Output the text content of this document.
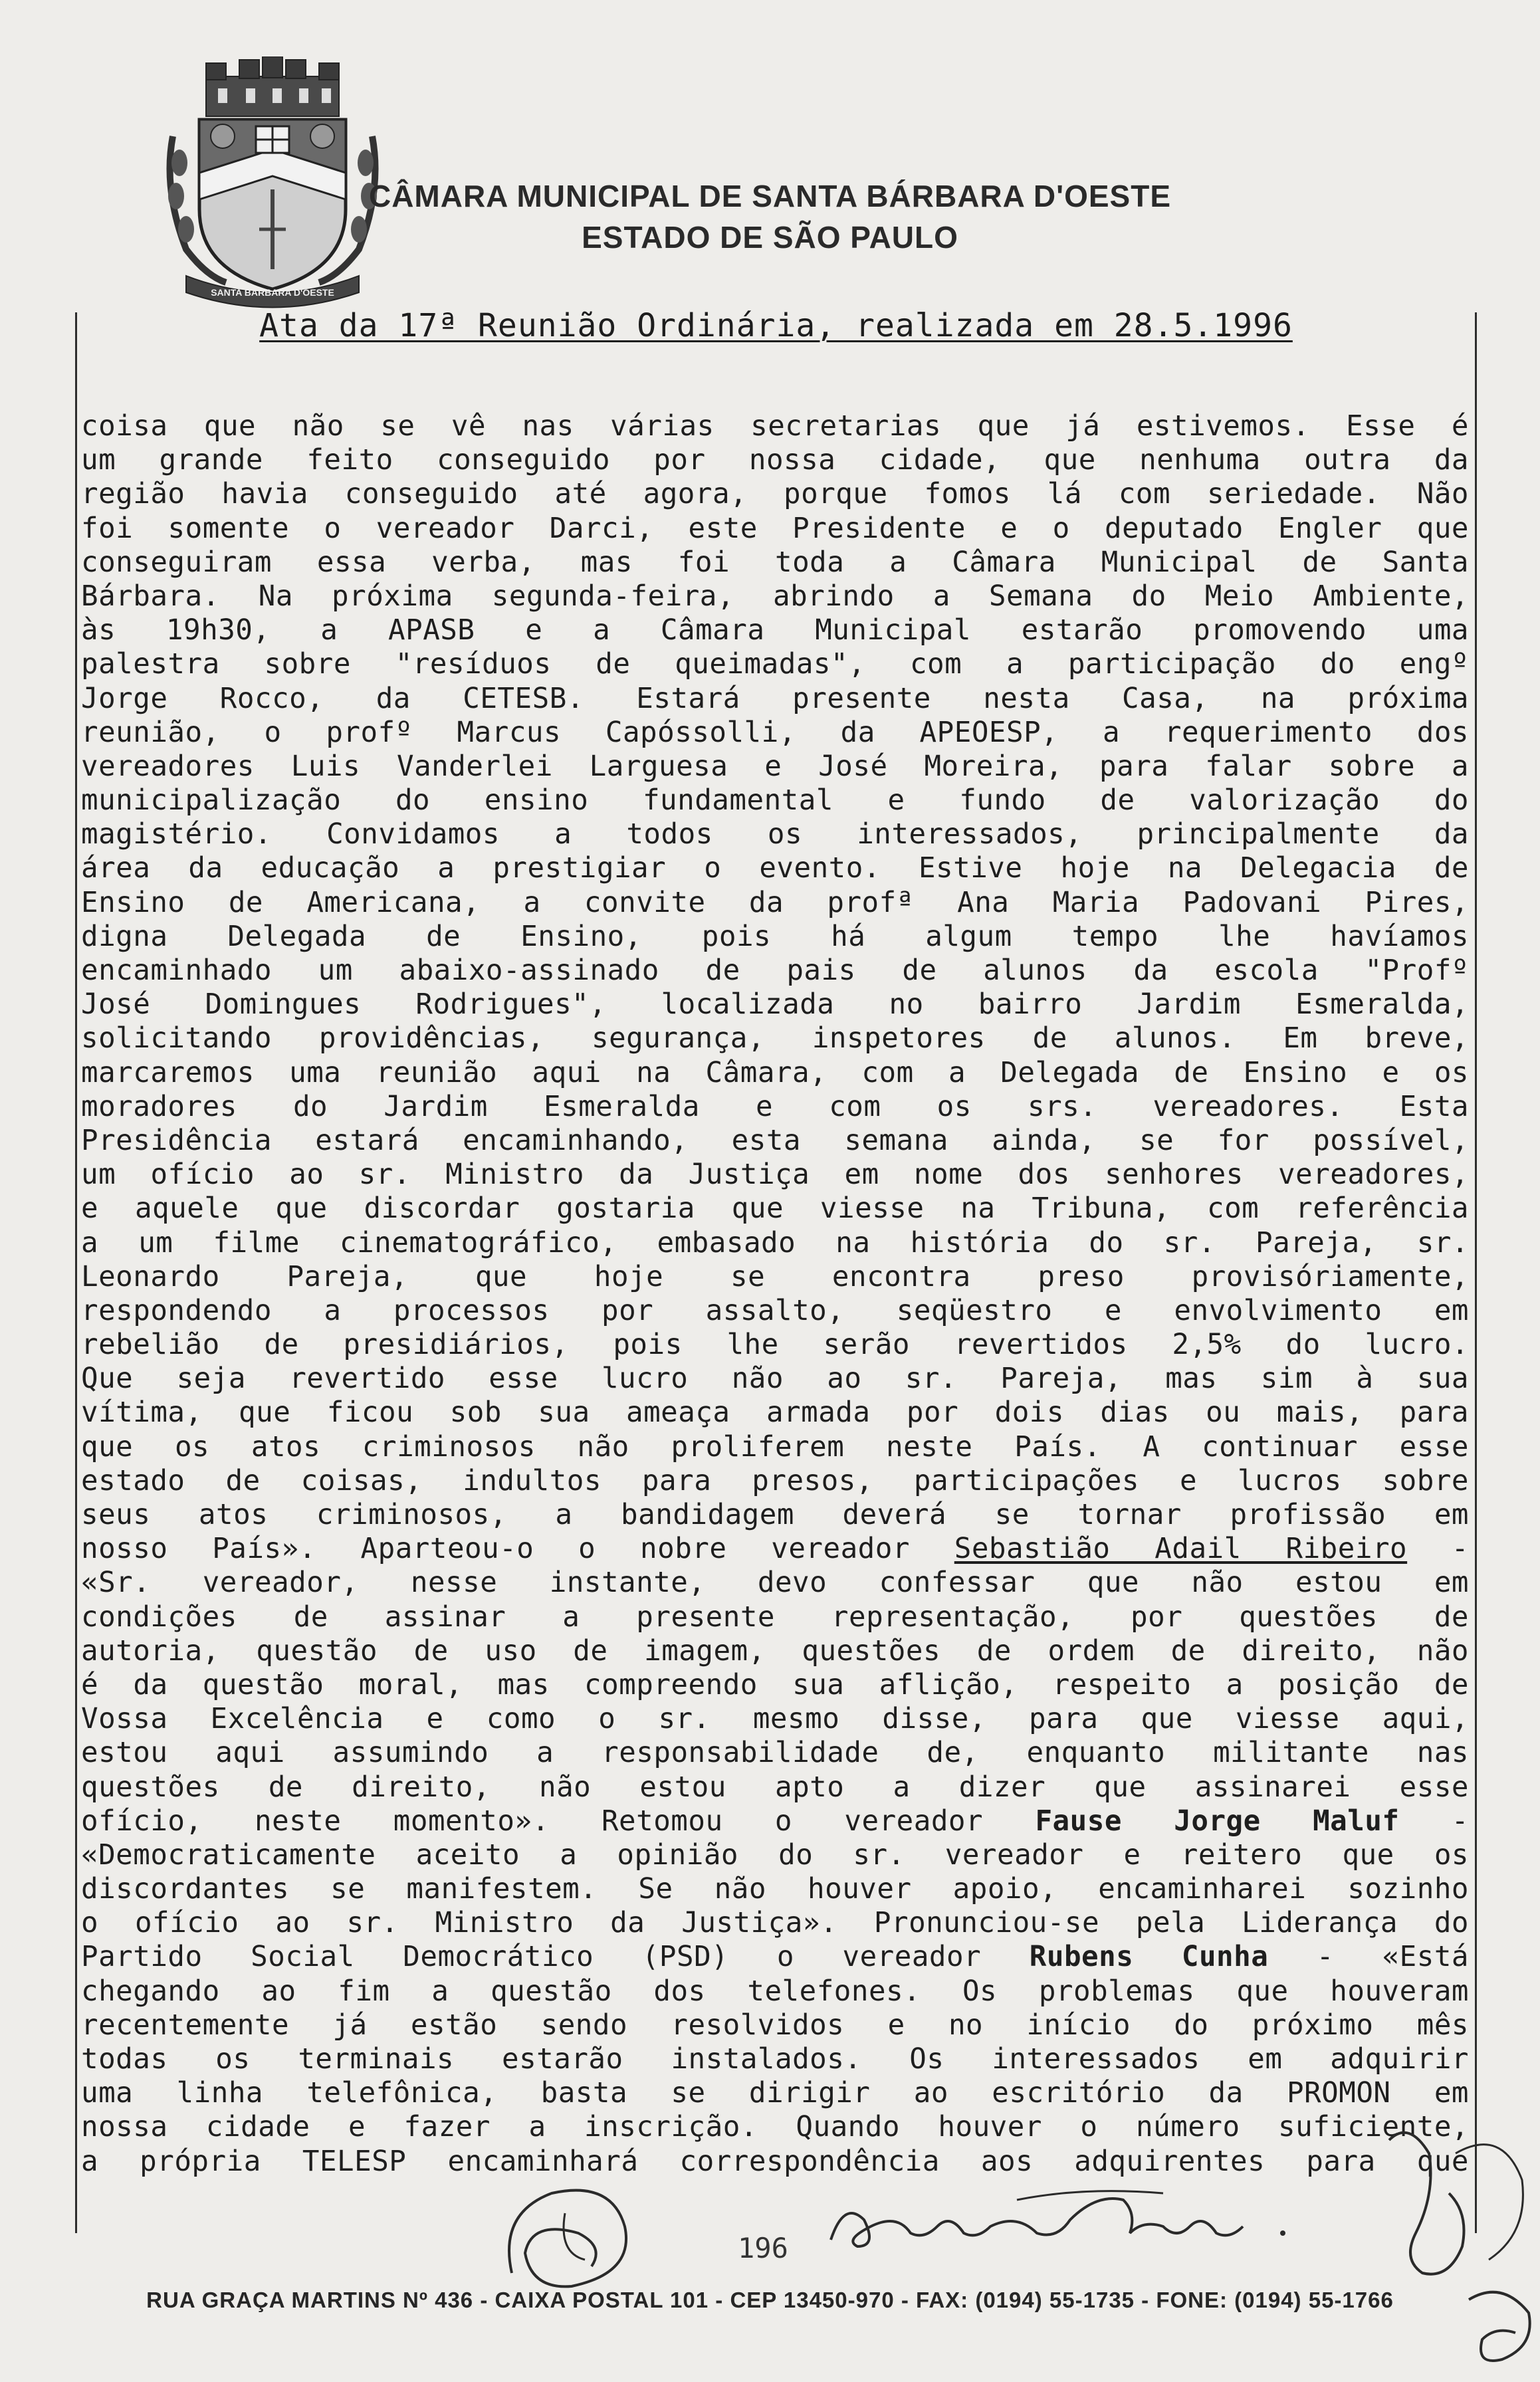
SANTA BARBARA D'OESTE
CÂMARA MUNICIPAL DE SANTA BÁRBARA D'OESTE
ESTADO DE SÃO PAULO
Ata da 17ª Reunião Ordinária, realizada em 28.5.1996
coisa que não se vê nas várias secretarias que já estivemos. Esse é
um grande feito conseguido por nossa cidade, que nenhuma outra da
região havia conseguido até agora, porque fomos lá com seriedade. Não
foi somente o vereador Darci, este Presidente e o deputado Engler que
conseguiram essa verba, mas foi toda a Câmara Municipal de Santa
Bárbara. Na próxima segunda-feira, abrindo a Semana do Meio Ambiente,
às 19h30, a APASB e a Câmara Municipal estarão promovendo uma
palestra sobre "resíduos de queimadas", com a participação do engº
Jorge Rocco, da CETESB. Estará presente nesta Casa, na próxima
reunião, o profº Marcus Capóssolli, da APEOESP, a requerimento dos
vereadores Luis Vanderlei Larguesa e José Moreira, para falar sobre a
municipalização do ensino fundamental e fundo de valorização do
magistério. Convidamos a todos os interessados, principalmente da
área da educação a prestigiar o evento. Estive hoje na Delegacia de
Ensino de Americana, a convite da profª Ana Maria Padovani Pires,
digna Delegada de Ensino, pois há algum tempo lhe havíamos
encaminhado um abaixo-assinado de pais de alunos da escola "Profº
José Domingues Rodrigues", localizada no bairro Jardim Esmeralda,
solicitando providências, segurança, inspetores de alunos. Em breve,
marcaremos uma reunião aqui na Câmara, com a Delegada de Ensino e os
moradores do Jardim Esmeralda e com os srs. vereadores. Esta
Presidência estará encaminhando, esta semana ainda, se for possível,
um ofício ao sr. Ministro da Justiça em nome dos senhores vereadores,
e aquele que discordar gostaria que viesse na Tribuna, com referência
a um filme cinematográfico, embasado na história do sr. Pareja, sr.
Leonardo Pareja, que hoje se encontra preso provisóriamente,
respondendo a processos por assalto, seqüestro e envolvimento em
rebelião de presidiários, pois lhe serão revertidos 2,5% do lucro.
Que seja revertido esse lucro não ao sr. Pareja, mas sim à sua
vítima, que ficou sob sua ameaça armada por dois dias ou mais, para
que os atos criminosos não proliferem neste País. A continuar esse
estado de coisas, indultos para presos, participações e lucros sobre
seus atos criminosos, a bandidagem deverá se tornar profissão em
nosso País». Aparteou-o o nobre vereador Sebastião Adail Ribeiro -
«Sr. vereador, nesse instante, devo confessar que não estou em
condições de assinar a presente representação, por questões de
autoria, questão de uso de imagem, questões de ordem de direito, não
é da questão moral, mas compreendo sua aflição, respeito a posição de
Vossa Excelência e como o sr. mesmo disse, para que viesse aqui,
estou aqui assumindo a responsabilidade de, enquanto militante nas
questões de direito, não estou apto a dizer que assinarei esse
ofício, neste momento». Retomou o vereador Fause Jorge Maluf -
«Democraticamente aceito a opinião do sr. vereador e reitero que os
discordantes se manifestem. Se não houver apoio, encaminharei sozinho
o ofício ao sr. Ministro da Justiça». Pronunciou-se pela Liderança do
Partido Social Democrático (PSD) o vereador Rubens Cunha - «Está
chegando ao fim a questão dos telefones. Os problemas que houveram
recentemente já estão sendo resolvidos e no início do próximo mês
todas os terminais estarão instalados. Os interessados em adquirir
uma linha telefônica, basta se dirigir ao escritório da PROMON em
nossa cidade e fazer a inscrição. Quando houver o número suficiente,
a própria TELESP encaminhará correspondência aos adquirentes para que
196
RUA GRAÇA MARTINS Nº 436 - CAIXA POSTAL 101 - CEP 13450-970 - FAX: (0194) 55-1735 - FONE: (0194) 55-1766
